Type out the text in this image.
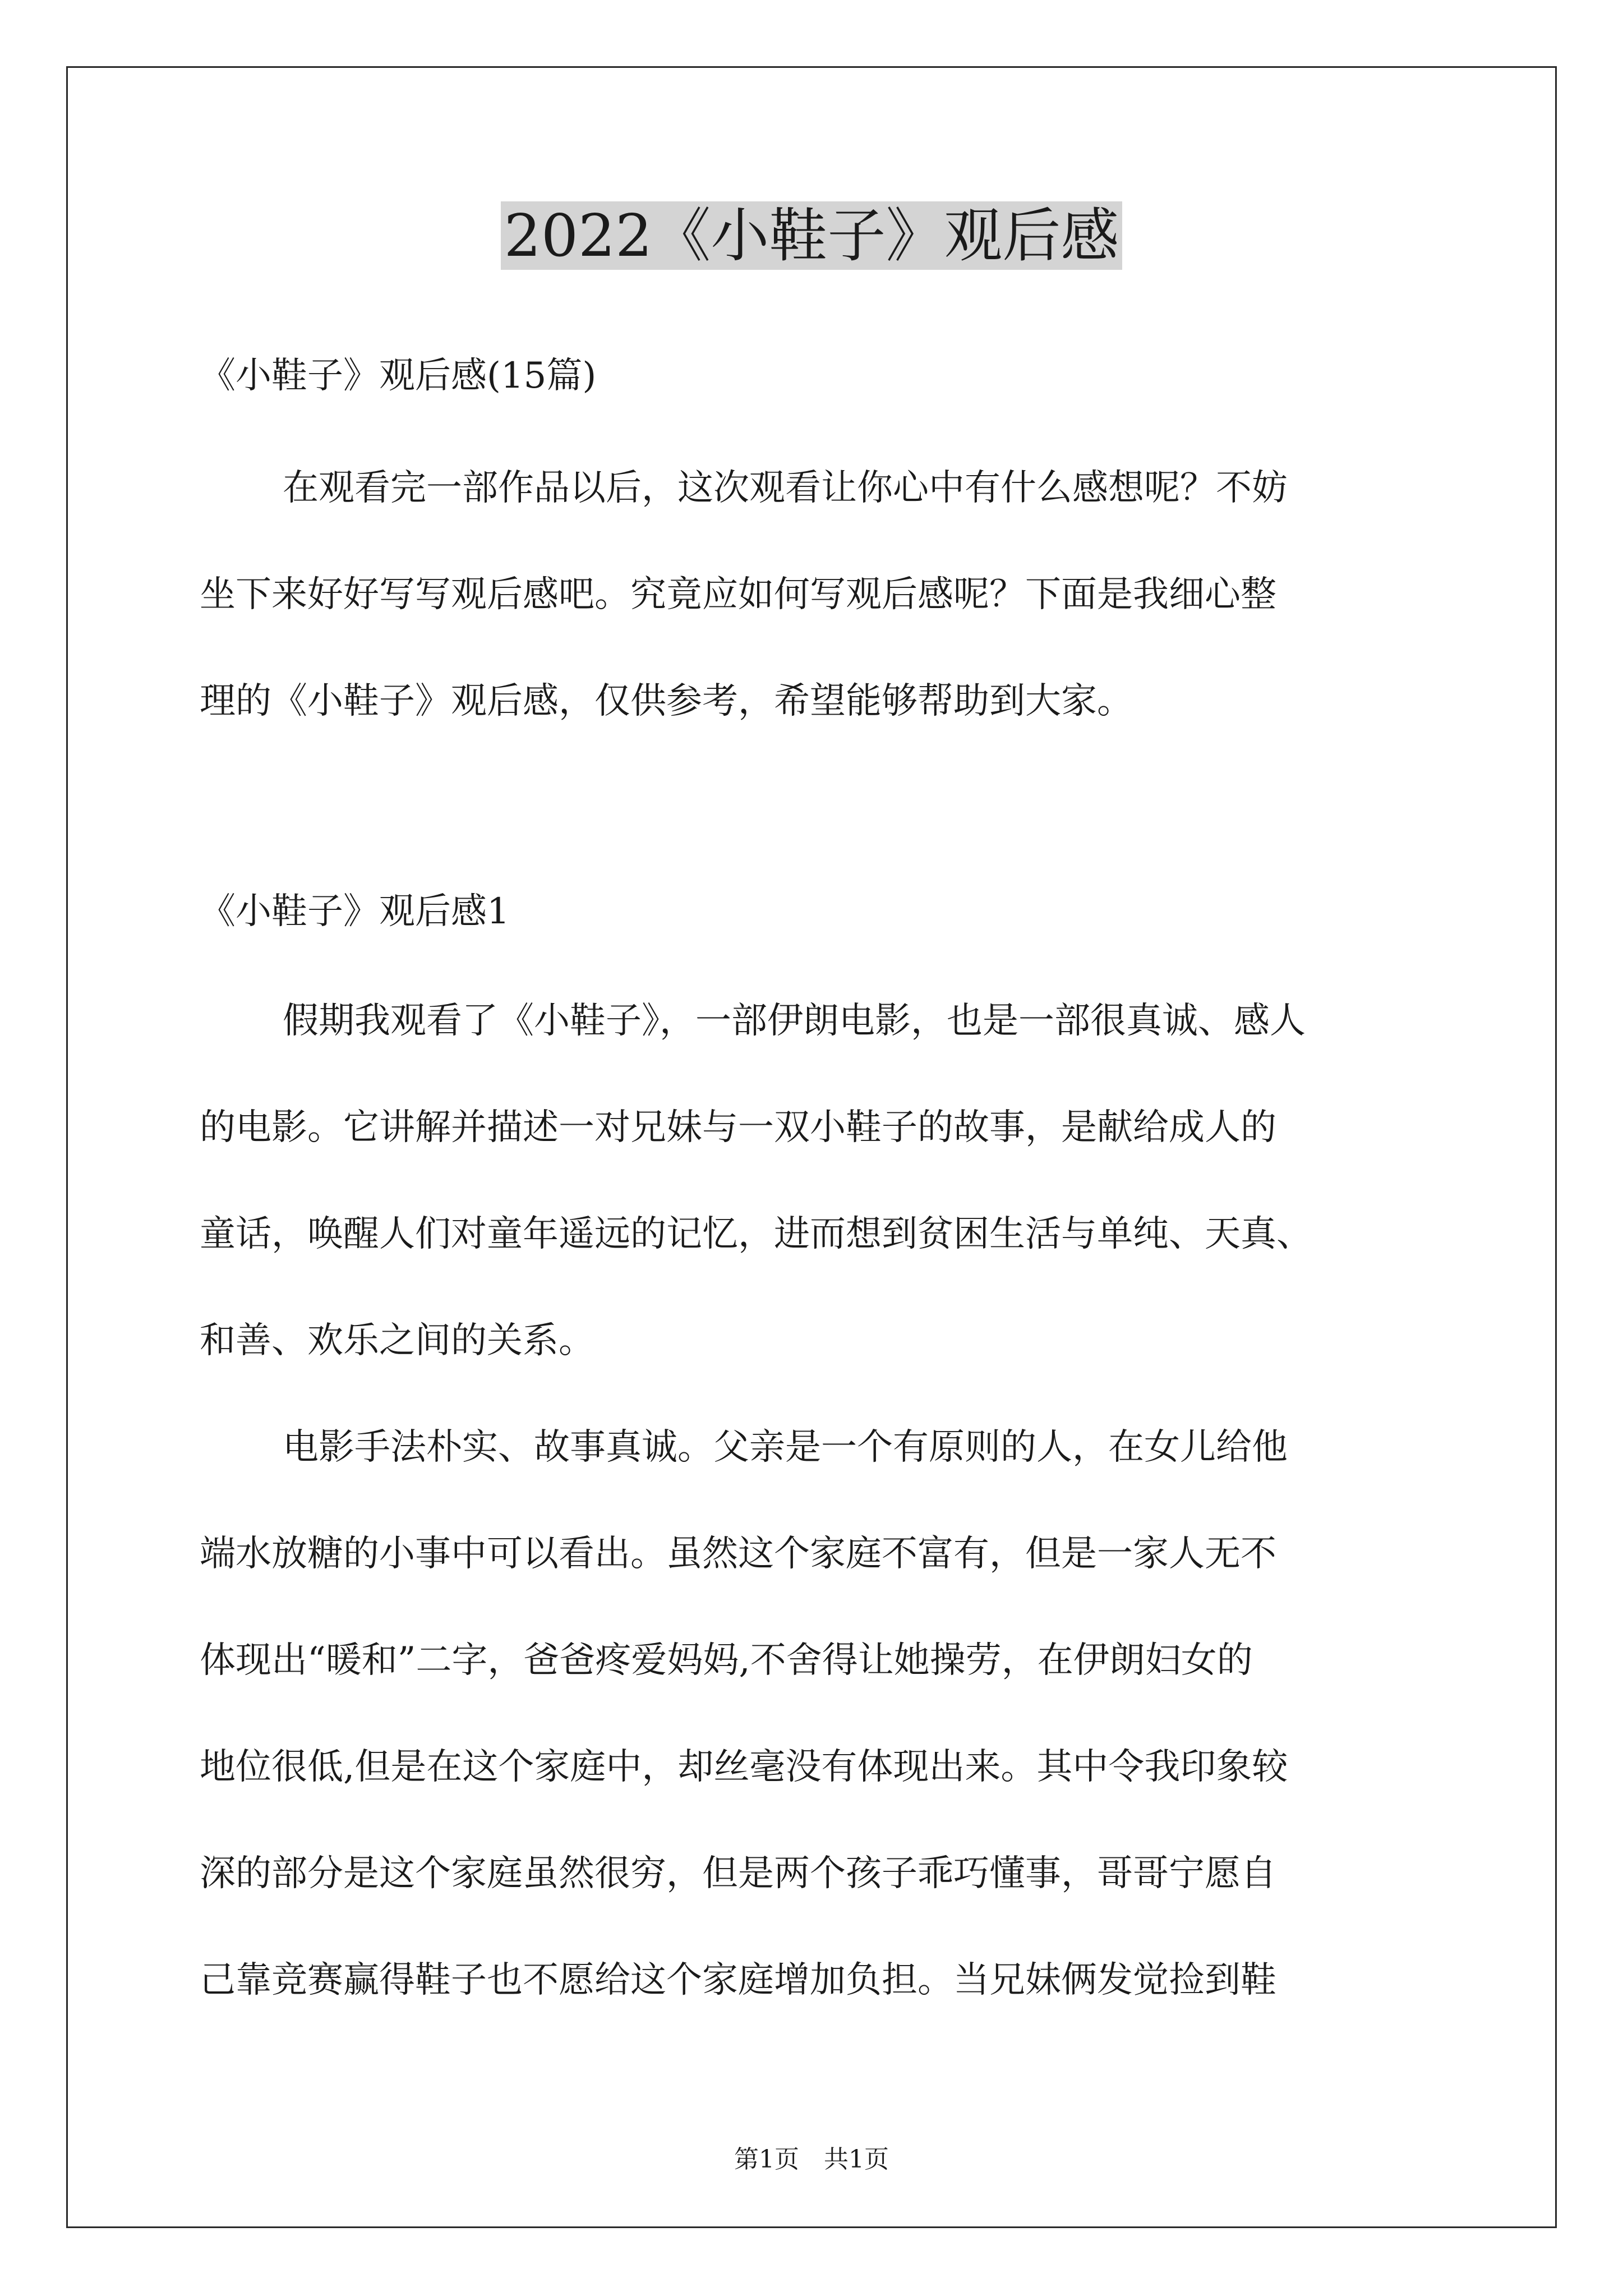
2022《小鞋子》观后感

《小鞋子》观后感(15篇)

在观看完一部作品以后，这次观看让你心中有什么感想呢？不妨

坐下来好好写写观后感吧。究竟应如何写观后感呢？下面是我细心整

理的《小鞋子》观后感，仅供参考，希望能够帮助到大家。

《小鞋子》观后感1

假期我观看了《小鞋子》，一部伊朗电影，也是一部很真诚、感人

的电影。它讲解并描述一对兄妹与一双小鞋子的故事，是献给成人的

童话，唤醒人们对童年遥远的记忆，进而想到贫困生活与单纯、天真、

和善、欢乐之间的关系。

电影手法朴实、故事真诚。父亲是一个有原则的人，在女儿给他

端水放糖的小事中可以看出。虽然这个家庭不富有，但是一家人无不

体现出“暖和”二字，爸爸疼爱妈妈,不舍得让她操劳，在伊朗妇女的

地位很低,但是在这个家庭中，却丝毫没有体现出来。其中令我印象较

深的部分是这个家庭虽然很穷，但是两个孩子乖巧懂事，哥哥宁愿自

己靠竞赛赢得鞋子也不愿给这个家庭增加负担。当兄妹俩发觉捡到鞋

第1页　共1页
